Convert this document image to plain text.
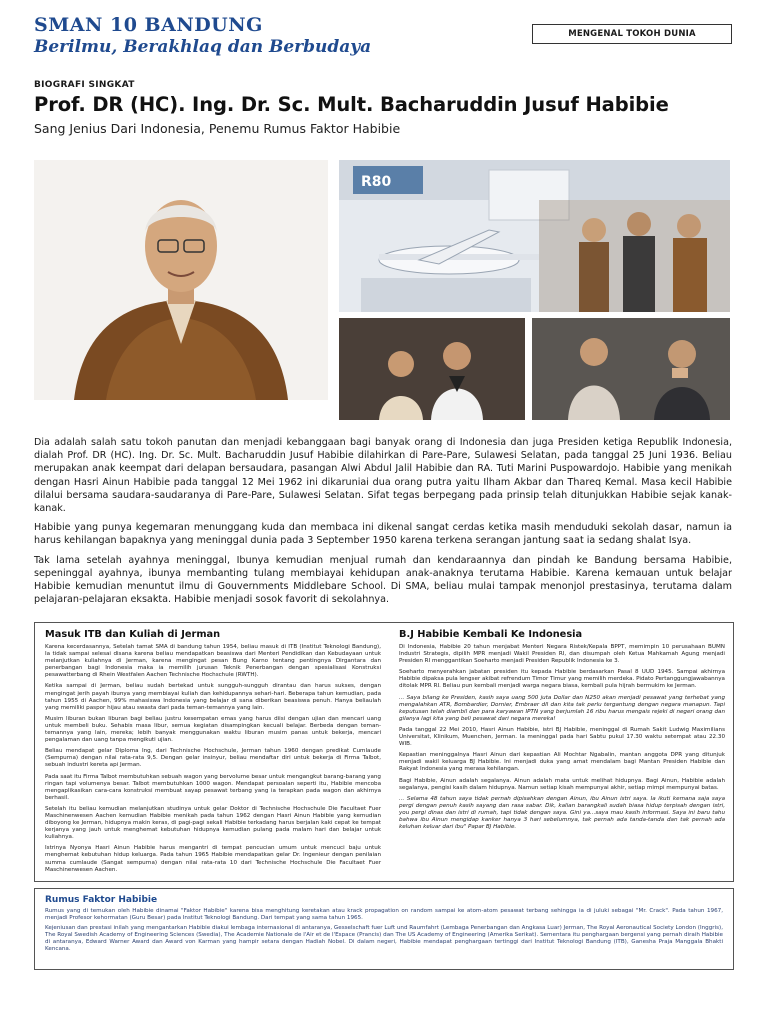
SMAN 10 BANDUNG
Berilmu, Berakhlaq dan Berbudaya
MENGENAL TOKOH DUNIA
BIOGRAFI SINGKAT
Prof. DR (HC). Ing. Dr. Sc. Mult. Bacharuddin Jusuf Habibie
Sang Jenius Dari Indonesia, Penemu Rumus Faktor Habibie
R80

Dia adalah salah satu tokoh panutan dan menjadi kebanggaan bagi banyak orang di Indonesia dan juga Presiden ketiga Republik Indonesia, dialah Prof. DR (HC). Ing. Dr. Sc. Mult. Bacharuddin Jusuf Habibie dilahirkan di Pare-Pare, Sulawesi Selatan, pada tanggal 25 Juni 1936. Beliau merupakan anak keempat dari delapan bersaudara, pasangan Alwi Abdul Jalil Habibie dan RA. Tuti Marini Puspowardojo. Habibie yang menikah dengan Hasri Ainun Habibie pada tanggal 12 Mei 1962 ini dikaruniai dua orang putra yaitu Ilham Akbar dan Thareq Kemal. Masa kecil Habibie dilalui bersama saudara-saudaranya di Pare-Pare, Sulawesi Selatan. Sifat tegas berpegang pada prinsip telah ditunjukkan Habibie sejak kanak-kanak.

Habibie yang punya kegemaran menunggang kuda dan membaca ini dikenal sangat cerdas ketika masih menduduki sekolah dasar, namun ia harus kehilangan bapaknya yang meninggal dunia pada 3 September 1950 karena terkena serangan jantung saat ia sedang shalat Isya.

Tak lama setelah ayahnya meninggal, Ibunya kemudian menjual rumah dan kendaraannya dan pindah ke Bandung bersama Habibie, sepeninggal ayahnya, ibunya membanting tulang membiayai kehidupan anak-anaknya terutama Habibie. Karena kemauan untuk belajar Habibie kemudian menuntut ilmu di Gouvernments Middlebare School. Di SMA, beliau mulai tampak menonjol prestasinya, terutama dalam pelajaran-pelajaran eksakta. Habibie menjadi sosok favorit di sekolahnya.

Masuk ITB dan Kuliah di Jerman

Karena kecerdasannya, Setelah tamat SMA di bandung tahun 1954, beliau masuk di ITB (Institut Teknologi Bandung), Ia tidak sampai selesai disana karena beliau mendapatkan beasiswa dari Menteri Pendidikan dan Kebudayaan untuk melanjutkan kuliahnya di Jerman, karena mengingat pesan Bung Karno tentang pentingnya Dirgantara dan penerbangan bagi Indonesia maka ia memilih jurusan Teknik Penerbangan dengan spesialisasi Konstruksi pesawatterbang di Rhein Westfalen Aachen Technische Hochschule (RWTH).

Ketika sampai di Jerman, beliau sudah bertekad untuk sungguh-sungguh dirantau dan harus sukses, dengan mengingat jerih payah ibunya yang membiayai kuliah dan kehidupannya sehari-hari. Beberapa tahun kemudian, pada tahun 1955 di Aachen, 99% mahasiswa Indonesia yang belajar di sana diberikan beasiswa penuh. Hanya beliaulah yang memiliki paspor hijau atau swasta dari pada teman-temannya yang lain.

Musim liburan bukan liburan bagi beliau justru kesempatan emas yang harus diisi dengan ujian dan mencari uang untuk membeli buku. Sehabis masa libur, semua kegiatan disampingkan kecuali belajar. Berbeda dengan teman-temannya yang lain, mereka; lebih banyak menggunakan waktu liburan musim panas untuk bekerja, mencari pengalaman dan uang tanpa mengikuti ujian.

Beliau mendapat gelar Diploma Ing, dari Technische Hochschule, Jerman tahun 1960 dengan predikat Cumlaude (Sempurna) dengan nilai rata-rata 9,5. Dengan gelar insinyur, beliau mendaftar diri untuk bekerja di Firma Talbot, sebuah industri kereta api Jerman.

Pada saat itu Firma Talbot membutuhkan sebuah wagon yang bervolume besar untuk mengangkut barang-barang yang ringan tapi volumenya besar. Talbot membutuhkan 1000 wagon. Mendapat persoalan seperti itu, Habibie mencoba mengaplikasikan cara-cara konstruksi membuat sayap pesawat terbang yang ia terapkan pada wagon dan akhirnya berhasil.

Setelah itu beliau kemudian melanjutkan studinya untuk gelar Doktor di Technische Hochschule Die Facultaet Fuer Maschinenwesen Aachen kemudian Habibie menikah pada tahun 1962 dengan Hasri Ainun Habibie yang kemudian diboyong ke Jerman, hidupnya makin keras, di pagi-pagi sekali Habibie terkadang harus berjalan kaki cepat ke tempat kerjanya yang jauh untuk menghemat kebutuhan hidupnya kemudian pulang pada malam hari dan belajar untuk kuliahnya.

Istrinya Nyonya Hasri Ainun Habibie harus mengantri di tempat pencucian umum untuk mencuci baju untuk menghemat kebutuhan hidup keluarga. Pada tahun 1965 Habibie mendapatkan gelar Dr. Ingenieur dengan penilaian summa cumlaude (Sangat sempurna) dengan nilai rata-rata 10 dari Technische Hochschule Die Facultaet Fuer Maschinenwesen Aachen.

B.J Habibie Kembali Ke Indonesia

Di Indonesia, Habibie 20 tahun menjabat Menteri Negara Ristek/Kepala BPPT, memimpin 10 perusahaan BUMN Industri Strategis, dipilih MPR menjadi Wakil Presiden RI, dan disumpah oleh Ketua Mahkamah Agung menjadi Presiden RI menggantikan Soeharto menjadi Presiden Republik Indonesia ke 3.

Soeharto menyerahkan jabatan presiden itu kepada Habibie berdasarkan Pasal 8 UUD 1945. Sampai akhirnya Habibie dipaksa pula lengser akibat refrendum Timor Timur yang memilih merdeka. Pidato Pertanggungjawabannya ditolak MPR RI. Beliau pun kembali menjadi warga negara biasa, kembali pula hijrah bermukim ke Jerman.

... Saya bilang ke Presiden, kasih saya uang 500 juta Dollar dan N250 akan menjadi pesawat yang terhebat yang mengalahkan ATR, Bombardier, Dornier, Embraer dll dan kita tak perlu tergantung dengan negara manapun. Tapi keputusan telah diambil dan para karyawan IPTN yang berjumlah 16 ribu harus mengais rejeki di negeri orang dan gilanya lagi kita yang beli pesawat dari negara mereka!

Pada tanggal 22 Mei 2010, Hasri Ainun Habibie, istri BJ Habibie, meninggal di Rumah Sakit Ludwig Maximilians Universitat, Klinikum, Muenchen, Jerman. Ia meninggal pada hari Sabtu pukul 17.30 waktu setempat atau 22.30 WIB.

Kepastian meninggalnya Hasri Ainun dari kepastian Ali Mochtar Ngabalin, mantan anggota DPR yang ditunjuk menjadi wakil keluarga BJ Habibie. Ini menjadi duka yang amat mendalam bagi Mantan Presiden Habibie dan Rakyat Indonesia yang merasa kehilangan.

Bagi Habibie, Ainun adalah segalanya. Ainun adalah mata untuk melihat hidupnya. Bagi Ainun, Habibie adalah segalanya, pengisi kasih dalam hidupnya. Namun setiap kisah mempunyai akhir, setiap mimpi mempunyai batas.

... Selama 48 tahun saya tidak pernah dipisahkan dengan Ainun, ibu Ainun istri saya. Ia ikuti kemana saja saya pergi dengan penuh kasih sayang dan rasa sabar. Dik, kalian barangkali sudah biasa hidup terpisah dengan istri, you pergi dinas dan istri di rumah, tapi tidak dengan saya. Gini ya...saya mau kasih informasi. Saya ini baru tahu bahwa ibu Ainun mengidap kanker hanya 3 hari sebelumnya, tak pernah ada tanda-tanda dan tak pernah ada keluhan keluar dari ibu" Papar BJ Habibie.

Rumus Faktor Habibie

Rumus yang di temukan oleh Habibie dinamai "Faktor Habibie" karena bisa menghitung keretakan atau krack propagation on random sampai ke atom-atom pesawat terbang sehingga ia di juluki sebagai "Mr. Crack". Pada tahun 1967, menjadi Profesor kehormatan (Guru Besar) pada Institut Teknologi Bandung. Dari tempat yang sama tahun 1965.

Kejeniusan dan prestasi inilah yang mengantarkan Habibie diakui lembaga internasional di antaranya, Gesselschaft fuer Luft und Raumfahrt (Lembaga Penerbangan dan Angkasa Luar) Jerman, The Royal Aeronautical Society London (Inggris), The Royal Swedish Academy of Engineering Sciences (Swedia), The Academie Nationale de l'Air et de l'Espace (Prancis) dan The US Academy of Engineering (Amerika Serikat). Sementara itu penghargaan bergensi yang pernah diraih Habibie di antaranya, Edward Warner Award dan Award von Karman yang hampir setara dengan Hadiah Nobel. Di dalam negeri, Habibie mendapat penghargaan tertinggi dari Institut Teknologi Bandung (ITB), Ganesha Praja Manggala Bhakti Kencana.
